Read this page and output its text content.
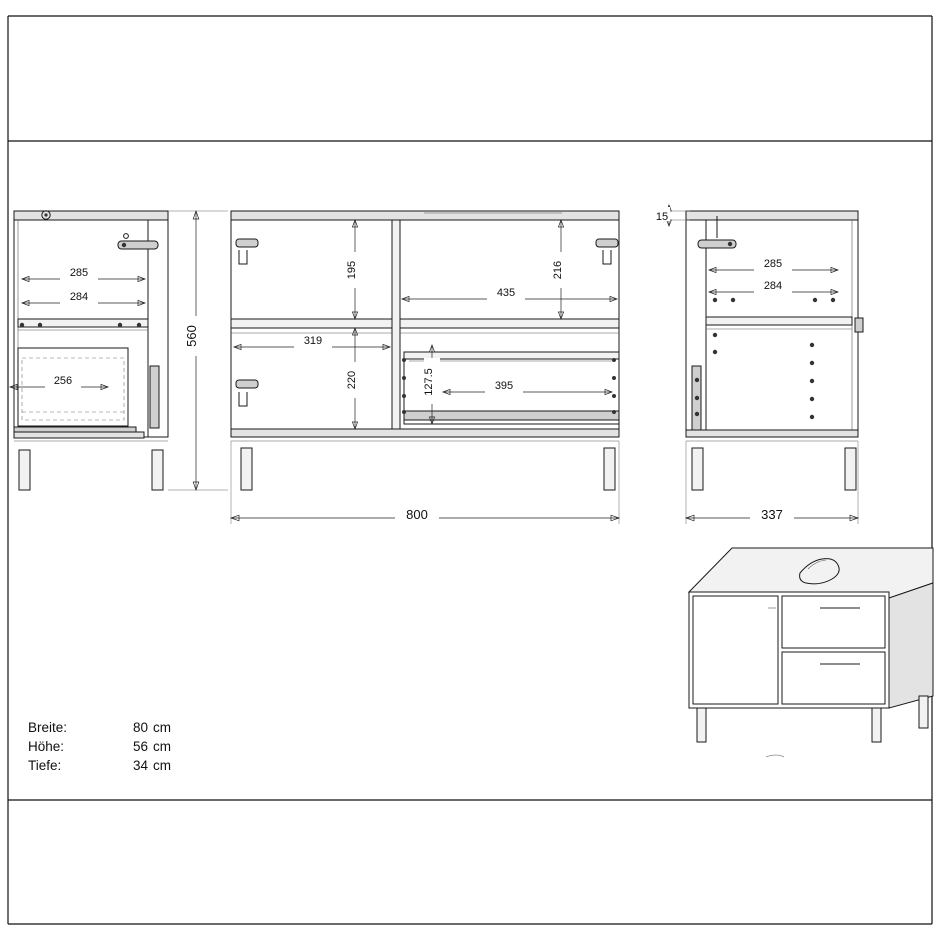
285
284
256
195	216
435
319
220	127.5	395
560
800
15
285
284
337
Breite:	80 cm
Höhe:	56 cm
Tiefe:	34 cm
